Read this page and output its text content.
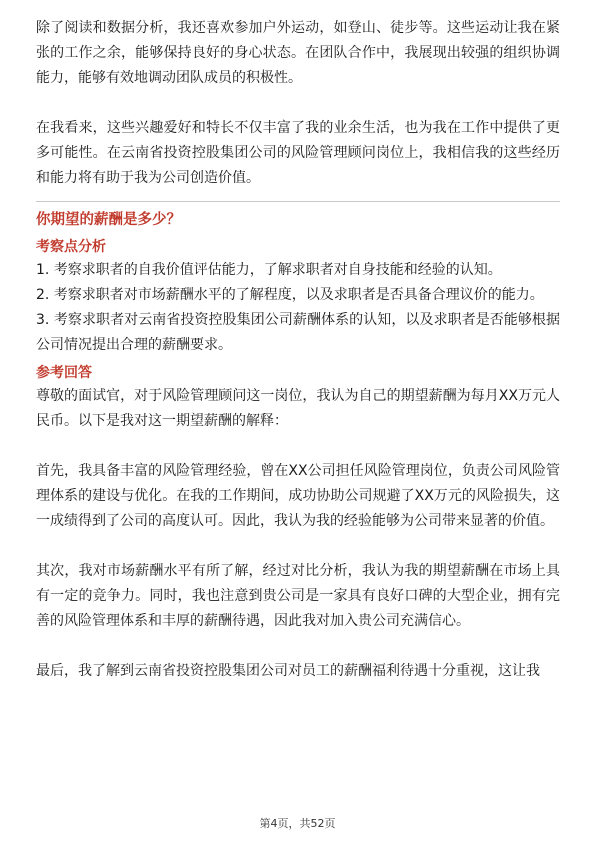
除了阅读和数据分析，我还喜欢参加户外运动，如登山、徒步等。这些运动让我在紧张的工作之余，能够保持良好的身心状态。在团队合作中，我展现出较强的组织协调能力，能够有效地调动团队成员的积极性。

在我看来，这些兴趣爱好和特长不仅丰富了我的业余生活，也为我在工作中提供了更多可能性。在云南省投资控股集团公司的风险管理顾问岗位上，我相信我的这些经历和能力将有助于我为公司创造价值。

你期望的薪酬是多少？

考察点分析

1. 考察求职者的自我价值评估能力，了解求职者对自身技能和经验的认知。

2. 考察求职者对市场薪酬水平的了解程度，以及求职者是否具备合理议价的能力。

3. 考察求职者对云南省投资控股集团公司薪酬体系的认知，以及求职者是否能够根据公司情况提出合理的薪酬要求。

参考回答

尊敬的面试官，对于风险管理顾问这一岗位，我认为自己的期望薪酬为每月XX万元人民币。以下是我对这一期望薪酬的解释：

首先，我具备丰富的风险管理经验，曾在XX公司担任风险管理岗位，负责公司风险管理体系的建设与优化。在我的工作期间，成功协助公司规避了XX万元的风险损失，这一成绩得到了公司的高度认可。因此，我认为我的经验能够为公司带来显著的价值。

其次，我对市场薪酬水平有所了解，经过对比分析，我认为我的期望薪酬在市场上具有一定的竞争力。同时，我也注意到贵公司是一家具有良好口碑的大型企业，拥有完善的风险管理体系和丰厚的薪酬待遇，因此我对加入贵公司充满信心。

最后，我了解到云南省投资控股集团公司对员工的薪酬福利待遇十分重视，这让我

第4页，共52页
